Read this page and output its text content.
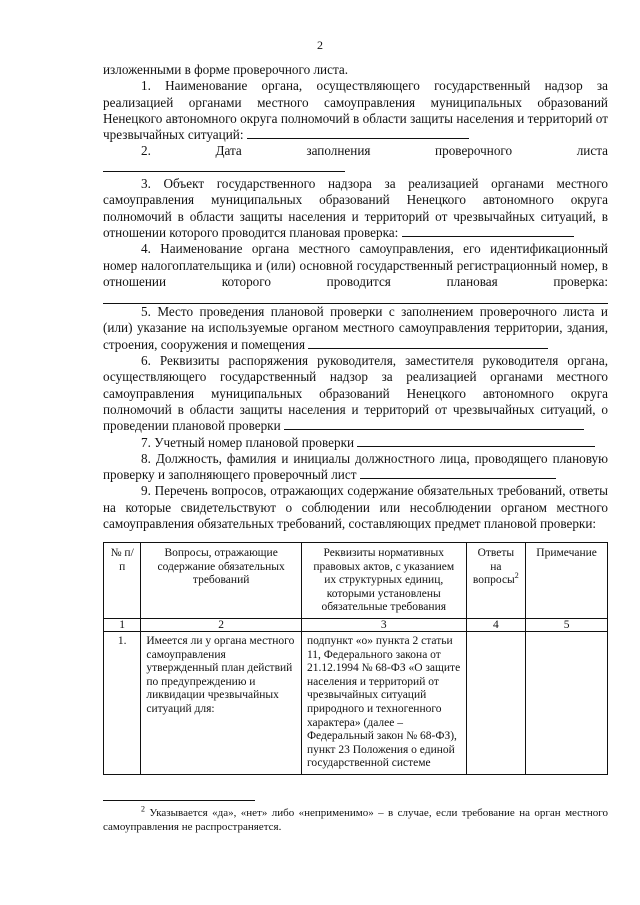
2

изложенными в форме проверочного листа.

1. Наименование органа, осуществляющего государственный надзор за реализацией органами местного самоуправления муниципальных образований Ненецкого автономного округа полномочий в области защиты населения и территорий от чрезвычайных ситуаций:

2. Дата заполнения проверочного листа

3. Объект государственного надзора за реализацией органами местного самоуправления муниципальных образований Ненецкого автономного округа полномочий в области защиты населения и территорий от чрезвычайных ситуаций, в отношении которого проводится плановая проверка:

4. Наименование органа местного самоуправления, его идентификационный номер налогоплательщика и (или) основной государственный регистрационный номер, в отношении которого проводится плановая проверка:

5. Место проведения плановой проверки с заполнением проверочного листа и (или) указание на используемые органом местного самоуправления территории, здания, строения, сооружения и помещения

6. Реквизиты распоряжения руководителя, заместителя руководителя органа, осуществляющего государственный надзор за реализацией органами местного самоуправления муниципальных образований Ненецкого автономного округа полномочий в области защиты населения и территорий от чрезвычайных ситуаций, о проведении плановой проверки

7. Учетный номер плановой проверки

8. Должность, фамилия и инициалы должностного лица, проводящего плановую проверку и заполняющего проверочный лист

9. Перечень вопросов, отражающих содержание обязательных требований, ответы на которые свидетельствуют о соблюдении или несоблюдении органом местного самоуправления обязательных требований, составляющих предмет плановой проверки:

№ п/п	Вопросы, отражающие содержание обязательных требований	Реквизиты нормативных правовых актов, с указанием их структурных единиц, которыми установлены обязательные требования	Ответы на вопросы$^2$	Примечание
1	2	3	4	5
1.	Имеется ли у органа местного самоуправления утвержденный план действий по предупреждению и ликвидации чрезвычайных ситуаций для:	подпункт «о» пункта 2 статьи 11, Федерального закона от 21.12.1994 № 68-ФЗ «О защите населения и территорий от чрезвычайных ситуаций природного и техногенного характера» (далее – Федеральный закон № 68-ФЗ), пункт 23 Положения о единой государственной системе		
$^2$ Указывается «да», «нет» либо «неприменимо» – в случае, если требование на орган местного самоуправления не распространяется.
